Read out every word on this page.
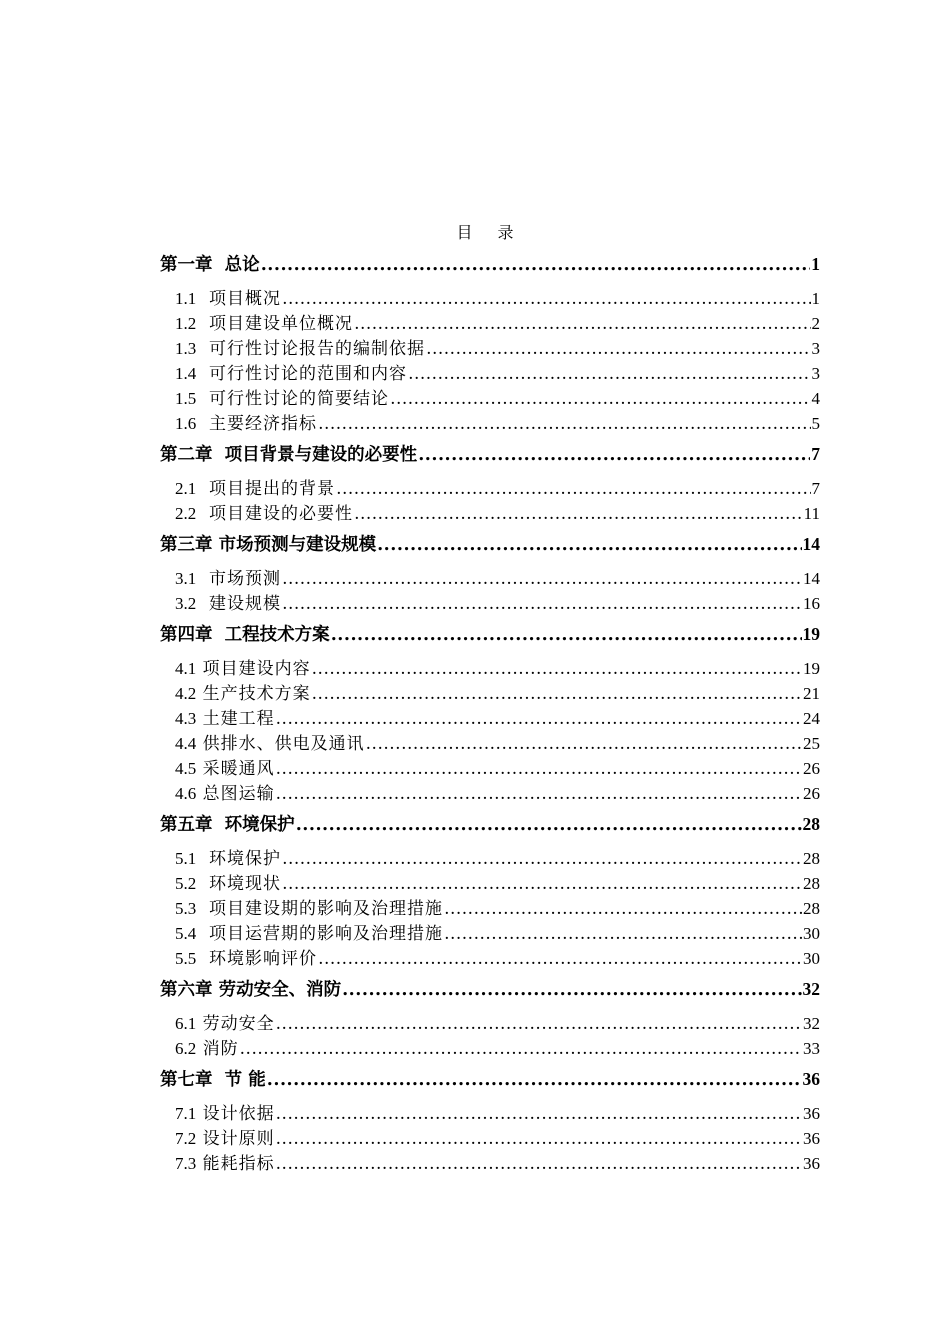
目 录
第一章  总论 .....	1
1.1  项目概况 .....	1
1.2  项目建设单位概况 .....	2
1.3  可行性讨论报告的编制依据 .....	3
1.4  可行性讨论的范围和内容 .....	3
1.5  可行性讨论的简要结论 .....	4
1.6  主要经济指标 .....	5
第二章  项目背景与建设的必要性 .....	7
2.1  项目提出的背景 .....	7
2.2  项目建设的必要性 .....	11
第三章 市场预测与建设规模 .....	14
3.1  市场预测 .....	14
3.2  建设规模 .....	16
第四章  工程技术方案 .....	19
4.1 项目建设内容 .....	19
4.2 生产技术方案 .....	21
4.3 土建工程 .....	24
4.4 供排水、供电及通讯 .....	25
4.5 采暖通风 .....	26
4.6 总图运输 .....	26
第五章  环境保护 .....	28
5.1  环境保护 .....	28
5.2  环境现状 .....	28
5.3  项目建设期的影响及治理措施 .....	28
5.4  项目运营期的影响及治理措施 .....	30
5.5  环境影响评价 .....	30
第六章 劳动安全、消防 .....	32
6.1 劳动安全 .....	32
6.2 消防 .....	33
第七章  节 能 .....	36
7.1 设计依据 .....	36
7.2 设计原则 .....	36
7.3 能耗指标 .....	36
